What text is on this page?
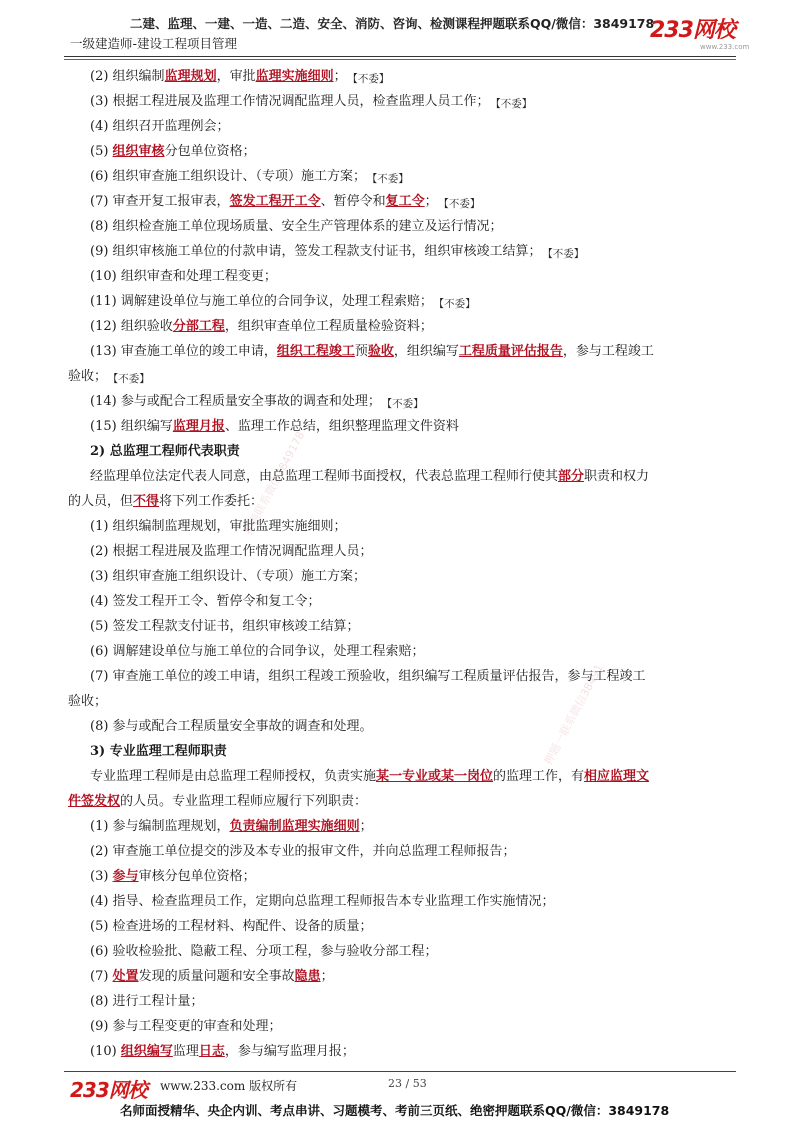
二建、监理、一建、一造、二造、安全、消防、咨询、检测课程押题联系QQ/微信：3849178
一级建造师-建设工程项目管理
233网校
www.233.com
押题联系微信3849178
押题一联系微信38491
(2) 组织编制监理规划，审批监理实施细则； 【不委】
(3) 根据工程进展及监理工作情况调配监理人员，检查监理人员工作； 【不委】
(4) 组织召开监理例会；
(5) 组织审核分包单位资格；
(6) 组织审查施工组织设计、（专项）施工方案； 【不委】
(7) 审查开复工报审表，签发工程开工令、暂停令和复工令； 【不委】
(8) 组织检查施工单位现场质量、安全生产管理体系的建立及运行情况；
(9) 组织审核施工单位的付款申请，签发工程款支付证书，组织审核竣工结算； 【不委】
(10) 组织审查和处理工程变更；
(11) 调解建设单位与施工单位的合同争议，处理工程索赔； 【不委】
(12) 组织验收分部工程，组织审查单位工程质量检验资料；
(13) 审查施工单位的竣工申请，组织工程竣工预验收，组织编写工程质量评估报告，参与工程竣工
验收； 【不委】
(14) 参与或配合工程质量安全事故的调查和处理； 【不委】
(15) 组织编写监理月报、监理工作总结，组织整理监理文件资料
2) 总监理工程师代表职责
经监理单位法定代表人同意，由总监理工程师书面授权，代表总监理工程师行使其部分职责和权力
的人员，但不得将下列工作委托：
(1) 组织编制监理规划，审批监理实施细则；
(2) 根据工程进展及监理工作情况调配监理人员；
(3) 组织审查施工组织设计、（专项）施工方案；
(4) 签发工程开工令、暂停令和复工令；
(5) 签发工程款支付证书，组织审核竣工结算；
(6) 调解建设单位与施工单位的合同争议，处理工程索赔；
(7) 审查施工单位的竣工申请，组织工程竣工预验收，组织编写工程质量评估报告，参与工程竣工
验收；
(8) 参与或配合工程质量安全事故的调查和处理。
3) 专业监理工程师职责
专业监理工程师是由总监理工程师授权，负责实施某一专业或某一岗位的监理工作，有相应监理文
件签发权的人员。专业监理工程师应履行下列职责：
(1) 参与编制监理规划，负责编制监理实施细则；
(2) 审查施工单位提交的涉及本专业的报审文件，并向总监理工程师报告；
(3) 参与审核分包单位资格；
(4) 指导、检查监理员工作，定期向总监理工程师报告本专业监理工作实施情况；
(5) 检查进场的工程材料、构配件、设备的质量；
(6) 验收检验批、隐蔽工程、分项工程，参与验收分部工程；
(7) 处置发现的质量问题和安全事故隐患；
(8) 进行工程计量；
(9) 参与工程变更的审查和处理；
(10) 组织编写监理日志，参与编写监理月报；
233网校 www.233.com 版权所有	23 / 53
名师面授精华、央企内训、考点串讲、习题模考、考前三页纸、绝密押题联系QQ/微信：3849178
